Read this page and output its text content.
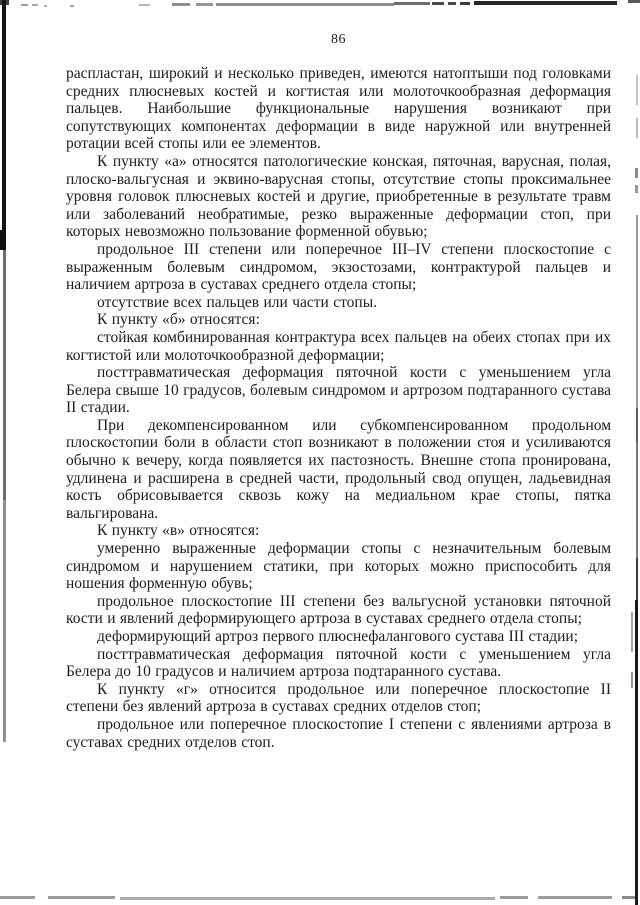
86

распластан, широкий и несколько приведен, имеются натоптыши под головками средних плюсневых костей и когтистая или молоточкообразная деформация пальцев. Наибольшие функциональные нарушения возникают при сопутствующих компонентах деформации в виде наружной или внутренней ротации всей стопы или ее элементов.

К пункту «а» относятся патологические конская, пяточная, варусная, полая, плоско-вальгусная и эквино-варусная стопы, отсутствие стопы проксимальнее уровня головок плюсневых костей и другие, приобретенные в результате травм или заболеваний необратимые, резко выраженные деформации стоп, при которых невозможно пользование форменной обувью;

продольное III степени или поперечное III–IV степени плоскостопие с выраженным болевым синдромом, экзостозами, контрактурой пальцев и наличием артроза в суставах среднего отдела стопы;

отсутствие всех пальцев или части стопы.

К пункту «б» относятся:

стойкая комбинированная контрактура всех пальцев на обеих стопах при их когтистой или молоточкообразной деформации;

посттравматическая деформация пяточной кости с уменьшением угла Белера свыше 10 градусов, болевым синдромом и артрозом подтаранного сустава II стадии.

При декомпенсированном или субкомпенсированном продольном плоскостопии боли в области стоп возникают в положении стоя и усиливаются обычно к вечеру, когда появляется их пастозность. Внешне стопа пронирована, удлинена и расширена в средней части, продольный свод опущен, ладьевидная кость обрисовывается сквозь кожу на медиальном крае стопы, пятка вальгирована.

К пункту «в» относятся:

умеренно выраженные деформации стопы с незначительным болевым синдромом и нарушением статики, при которых можно приспособить для ношения форменную обувь;

продольное плоскостопие III степени без вальгусной установки пяточной кости и явлений деформирующего артроза в суставах среднего отдела стопы;

деформирующий артроз первого плюснефалангового сустава III стадии;

посттравматическая деформация пяточной кости с уменьшением угла Белера до 10 градусов и наличием артроза подтаранного сустава.

К пункту «г» относится продольное или поперечное плоскостопие II степени без явлений артроза в суставах средних отделов стоп;

продольное или поперечное плоскостопие I степени с явлениями артроза в суставах средних отделов стоп.
